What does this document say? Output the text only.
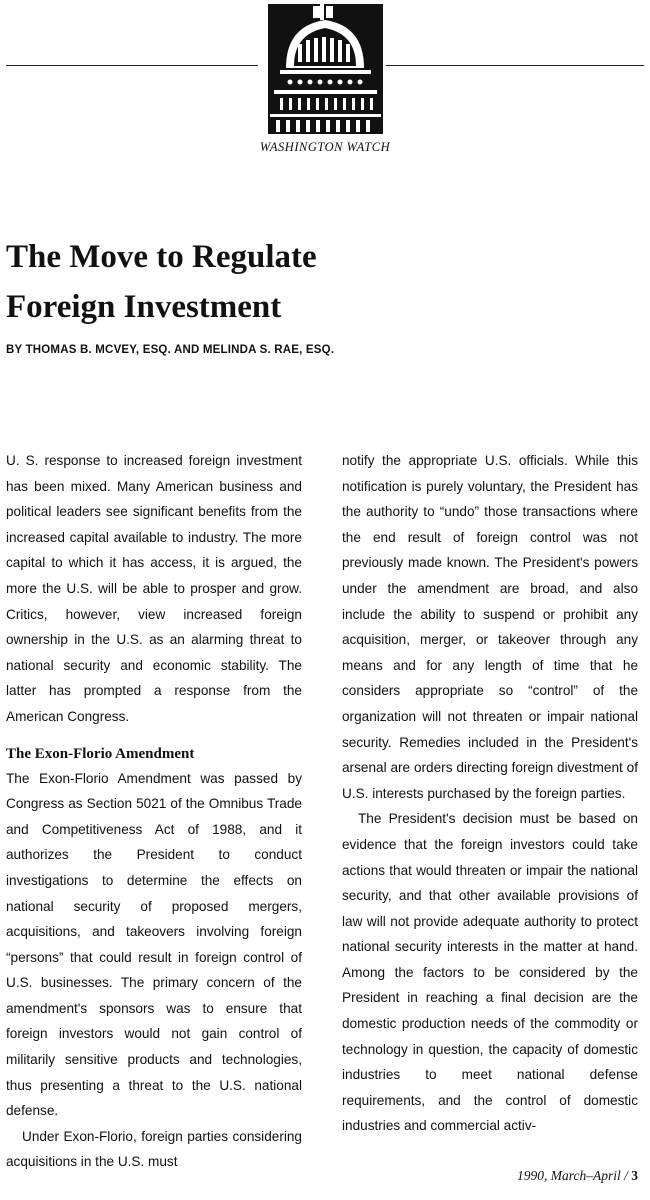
WASHINGTON WATCH
The Move to Regulate
Foreign Investment
BY THOMAS B. MCVEY, ESQ. AND MELINDA S. RAE, ESQ.

U. S. response to increased foreign investment has been mixed. Many American business and political leaders see significant benefits from the increased capital available to industry. The more capital to which it has access, it is argued, the more the U.S. will be able to prosper and grow. Critics, however, view increased foreign ownership in the U.S. as an alarming threat to national security and economic stability. The latter has prompted a response from the American Congress.

The Exon-Florio Amendment

The Exon-Florio Amendment was passed by Congress as Section 5021 of the Omnibus Trade and Competitiveness Act of 1988, and it authorizes the President to conduct investigations to determine the effects on national security of proposed mergers, acquisitions, and takeovers involving foreign “persons” that could result in foreign control of U.S. businesses. The primary concern of the amendment's sponsors was to ensure that foreign investors would not gain control of militarily sensitive products and technologies, thus presenting a threat to the U.S. national defense.

Under Exon-Florio, foreign parties considering acquisitions in the U.S. must

notify the appropriate U.S. officials. While this notification is purely voluntary, the President has the authority to “undo” those transactions where the end result of foreign control was not previously made known. The President's powers under the amendment are broad, and also include the ability to suspend or prohibit any acquisition, merger, or takeover through any means and for any length of time that he considers appropriate so “control” of the organization will not threaten or impair national security. Remedies included in the President's arsenal are orders directing foreign divestment of U.S. interests purchased by the foreign parties.

The President's decision must be based on evidence that the foreign investors could take actions that would threaten or impair the national security, and that other available provisions of law will not provide adequate authority to protect national security interests in the matter at hand. Among the factors to be considered by the President in reaching a final decision are the domestic production needs of the commodity or technology in question, the capacity of domestic industries to meet national defense requirements, and the control of domestic industries and commercial activ-

1990, March–April / 3
